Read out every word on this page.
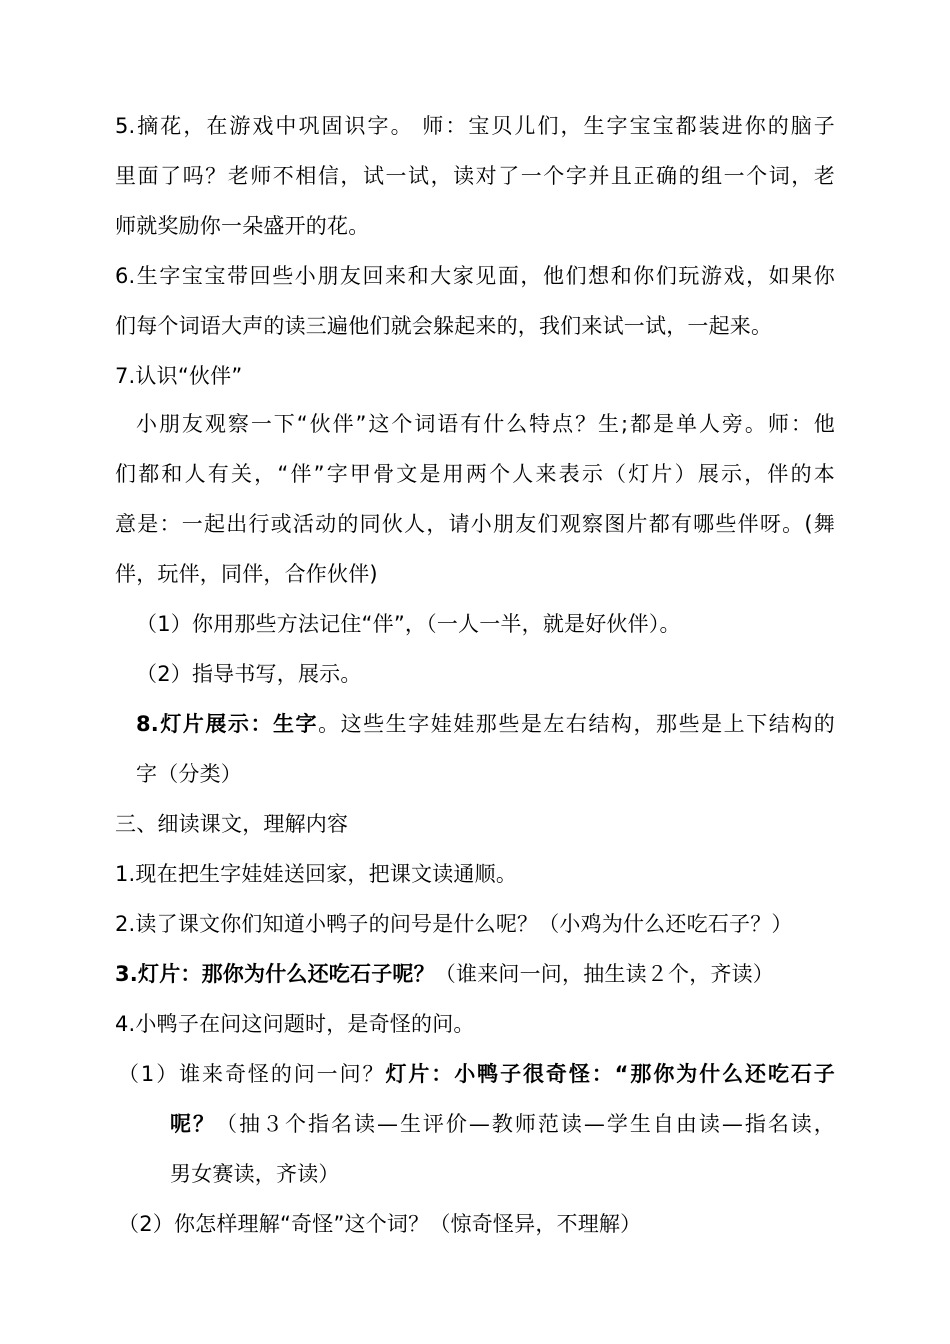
5.摘花，在游戏中巩固识字。 师：宝贝儿们，生字宝宝都装进你的脑子
里面了吗？老师不相信，试一试，读对了一个字并且正确的组一个词，老
师就奖励你一朵盛开的花。
6.生字宝宝带回些小朋友回来和大家见面，他们想和你们玩游戏，如果你
们每个词语大声的读三遍他们就会躲起来的，我们来试一试，一起来。
7.认识“伙伴”
小朋友观察一下“伙伴”这个词语有什么特点？生;都是单人旁。师：他
们都和人有关，“伴”字甲骨文是用两个人来表示（灯片）展示，伴的本
意是：一起出行或活动的同伙人，请小朋友们观察图片都有哪些伴呀。(舞
伴，玩伴，同伴，合作伙伴)
（1）你用那些方法记住“伴”，（一人一半，就是好伙伴）。
（2）指导书写，展示。
8.灯片展示：生字。这些生字娃娃那些是左右结构，那些是上下结构的
字（分类）
三、细读课文，理解内容
1.现在把生字娃娃送回家，把课文读通顺。
2.读了课文你们知道小鸭子的问号是什么呢？（小鸡为什么还吃石子？）
3.灯片：那你为什么还吃石子呢？（谁来问一问，抽生读２个，齐读）
4.小鸭子在问这问题时，是奇怪的问。
（1）谁来奇怪的问一问？灯片：小鸭子很奇怪：“那你为什么还吃石子
呢？（抽３个指名读—生评价—教师范读—学生自由读—指名读，
男女赛读，齐读）
（2）你怎样理解“奇怪”这个词？（惊奇怪异，不理解）
